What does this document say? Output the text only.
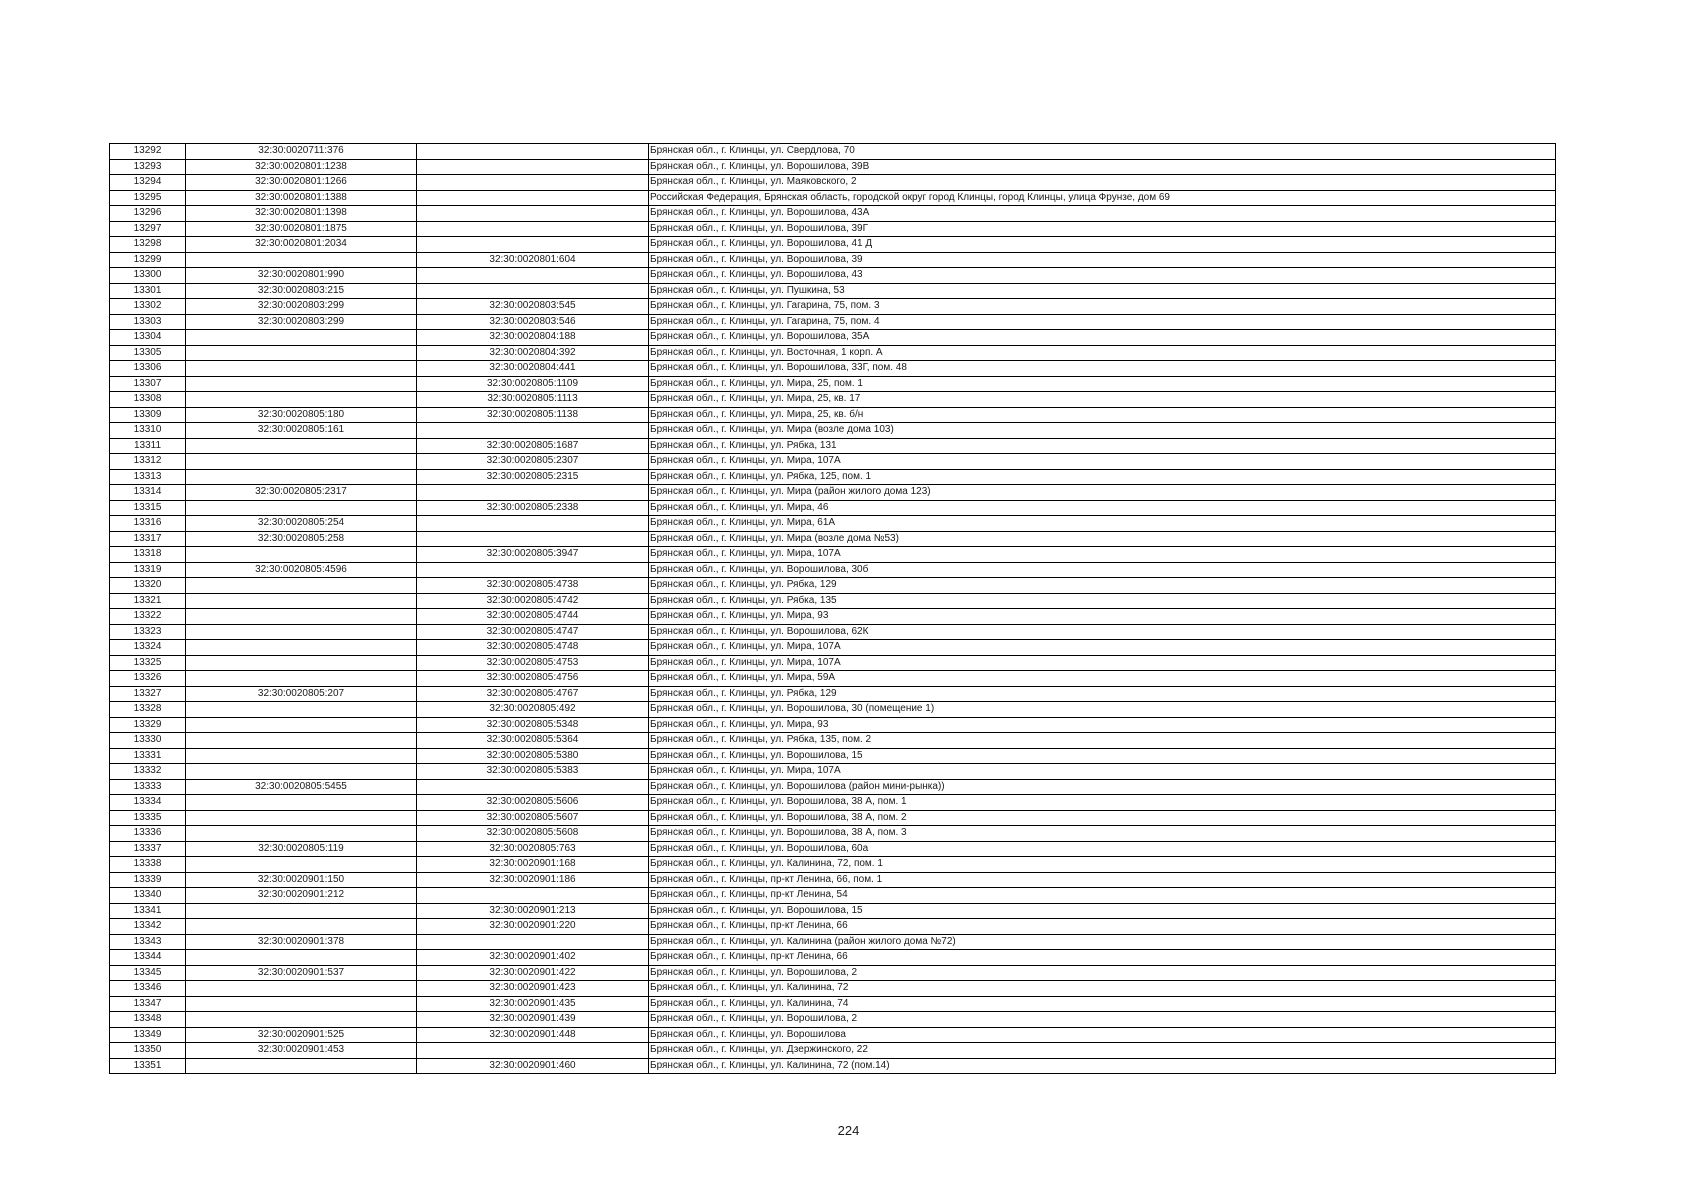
13292	32:30:0020711:376		Брянская обл., г. Клинцы, ул. Свердлова, 70
13293	32:30:0020801:1238		Брянская обл., г. Клинцы, ул. Ворошилова, 39В
13294	32:30:0020801:1266		Брянская обл., г. Клинцы, ул. Маяковского, 2
13295	32:30:0020801:1388		Российская Федерация, Брянская область, городской округ город Клинцы, город Клинцы, улица Фрунзе, дом 69
13296	32:30:0020801:1398		Брянская обл., г. Клинцы, ул. Ворошилова, 43А
13297	32:30:0020801:1875		Брянская обл., г. Клинцы, ул. Ворошилова, 39Г
13298	32:30:0020801:2034		Брянская обл., г. Клинцы, ул. Ворошилова, 41 Д
13299		32:30:0020801:604	Брянская обл., г. Клинцы, ул. Ворошилова, 39
13300	32:30:0020801:990		Брянская обл., г. Клинцы, ул. Ворошилова, 43
13301	32:30:0020803:215		Брянская обл., г. Клинцы, ул. Пушкина, 53
13302	32:30:0020803:299	32:30:0020803:545	Брянская обл., г. Клинцы, ул. Гагарина, 75, пом. 3
13303	32:30:0020803:299	32:30:0020803:546	Брянская обл., г. Клинцы, ул. Гагарина, 75, пом. 4
13304		32:30:0020804:188	Брянская обл., г. Клинцы, ул. Ворошилова, 35А
13305		32:30:0020804:392	Брянская обл., г. Клинцы, ул. Восточная, 1 корп. А
13306		32:30:0020804:441	Брянская обл., г. Клинцы, ул. Ворошилова, 33Г, пом. 48
13307		32:30:0020805:1109	Брянская обл., г. Клинцы, ул. Мира, 25, пом. 1
13308		32:30:0020805:1113	Брянская обл., г. Клинцы, ул. Мира, 25, кв. 17
13309	32:30:0020805:180	32:30:0020805:1138	Брянская обл., г. Клинцы, ул. Мира, 25, кв. б/н
13310	32:30:0020805:161		Брянская обл., г. Клинцы, ул. Мира (возле дома 103)
13311		32:30:0020805:1687	Брянская обл., г. Клинцы, ул. Рябка, 131
13312		32:30:0020805:2307	Брянская обл., г. Клинцы, ул. Мира, 107А
13313		32:30:0020805:2315	Брянская обл., г. Клинцы, ул. Рябка, 125, пом. 1
13314	32:30:0020805:2317		Брянская обл., г. Клинцы, ул. Мира (район жилого дома 123)
13315		32:30:0020805:2338	Брянская обл., г. Клинцы, ул. Мира, 46
13316	32:30:0020805:254		Брянская обл., г. Клинцы, ул. Мира, 61А
13317	32:30:0020805:258		Брянская обл., г. Клинцы, ул. Мира (возле дома №53)
13318		32:30:0020805:3947	Брянская обл., г. Клинцы, ул. Мира, 107А
13319	32:30:0020805:4596		Брянская обл., г. Клинцы, ул. Ворошилова, 30б
13320		32:30:0020805:4738	Брянская обл., г. Клинцы, ул. Рябка, 129
13321		32:30:0020805:4742	Брянская обл., г. Клинцы, ул. Рябка, 135
13322		32:30:0020805:4744	Брянская обл., г. Клинцы, ул. Мира, 93
13323		32:30:0020805:4747	Брянская обл., г. Клинцы, ул. Ворошилова, 62К
13324		32:30:0020805:4748	Брянская обл., г. Клинцы, ул. Мира, 107А
13325		32:30:0020805:4753	Брянская обл., г. Клинцы, ул. Мира, 107А
13326		32:30:0020805:4756	Брянская обл., г. Клинцы, ул. Мира, 59А
13327	32:30:0020805:207	32:30:0020805:4767	Брянская обл., г. Клинцы, ул. Рябка, 129
13328		32:30:0020805:492	Брянская обл., г. Клинцы, ул. Ворошилова, 30 (помещение 1)
13329		32:30:0020805:5348	Брянская обл., г. Клинцы, ул. Мира, 93
13330		32:30:0020805:5364	Брянская обл., г. Клинцы, ул. Рябка, 135, пом. 2
13331		32:30:0020805:5380	Брянская обл., г. Клинцы, ул. Ворошилова, 15
13332		32:30:0020805:5383	Брянская обл., г. Клинцы, ул. Мира, 107А
13333	32:30:0020805:5455		Брянская обл., г. Клинцы, ул. Ворошилова (район мини-рынка))
13334		32:30:0020805:5606	Брянская обл., г. Клинцы, ул. Ворошилова, 38 А, пом. 1
13335		32:30:0020805:5607	Брянская обл., г. Клинцы, ул. Ворошилова, 38 А, пом. 2
13336		32:30:0020805:5608	Брянская обл., г. Клинцы, ул. Ворошилова, 38 А, пом. 3
13337	32:30:0020805:119	32:30:0020805:763	Брянская обл., г. Клинцы, ул. Ворошилова, 60а
13338		32:30:0020901:168	Брянская обл., г. Клинцы, ул. Калинина, 72, пом. 1
13339	32:30:0020901:150	32:30:0020901:186	Брянская обл., г. Клинцы, пр-кт Ленина, 66, пом. 1
13340	32:30:0020901:212		Брянская обл., г. Клинцы, пр-кт Ленина, 54
13341		32:30:0020901:213	Брянская обл., г. Клинцы, ул. Ворошилова, 15
13342		32:30:0020901:220	Брянская обл., г. Клинцы, пр-кт Ленина, 66
13343	32:30:0020901:378		Брянская обл., г. Клинцы, ул. Калинина (район жилого дома №72)
13344		32:30:0020901:402	Брянская обл., г. Клинцы, пр-кт Ленина, 66
13345	32:30:0020901:537	32:30:0020901:422	Брянская обл., г. Клинцы, ул. Ворошилова, 2
13346		32:30:0020901:423	Брянская обл., г. Клинцы, ул. Калинина, 72
13347		32:30:0020901:435	Брянская обл., г. Клинцы, ул. Калинина, 74
13348		32:30:0020901:439	Брянская обл., г. Клинцы, ул. Ворошилова, 2
13349	32:30:0020901:525	32:30:0020901:448	Брянская обл., г. Клинцы, ул. Ворошилова
13350	32:30:0020901:453		Брянская обл., г. Клинцы, ул. Дзержинского, 22
13351		32:30:0020901:460	Брянская обл., г. Клинцы, ул. Калинина, 72 (пом.14)
224
